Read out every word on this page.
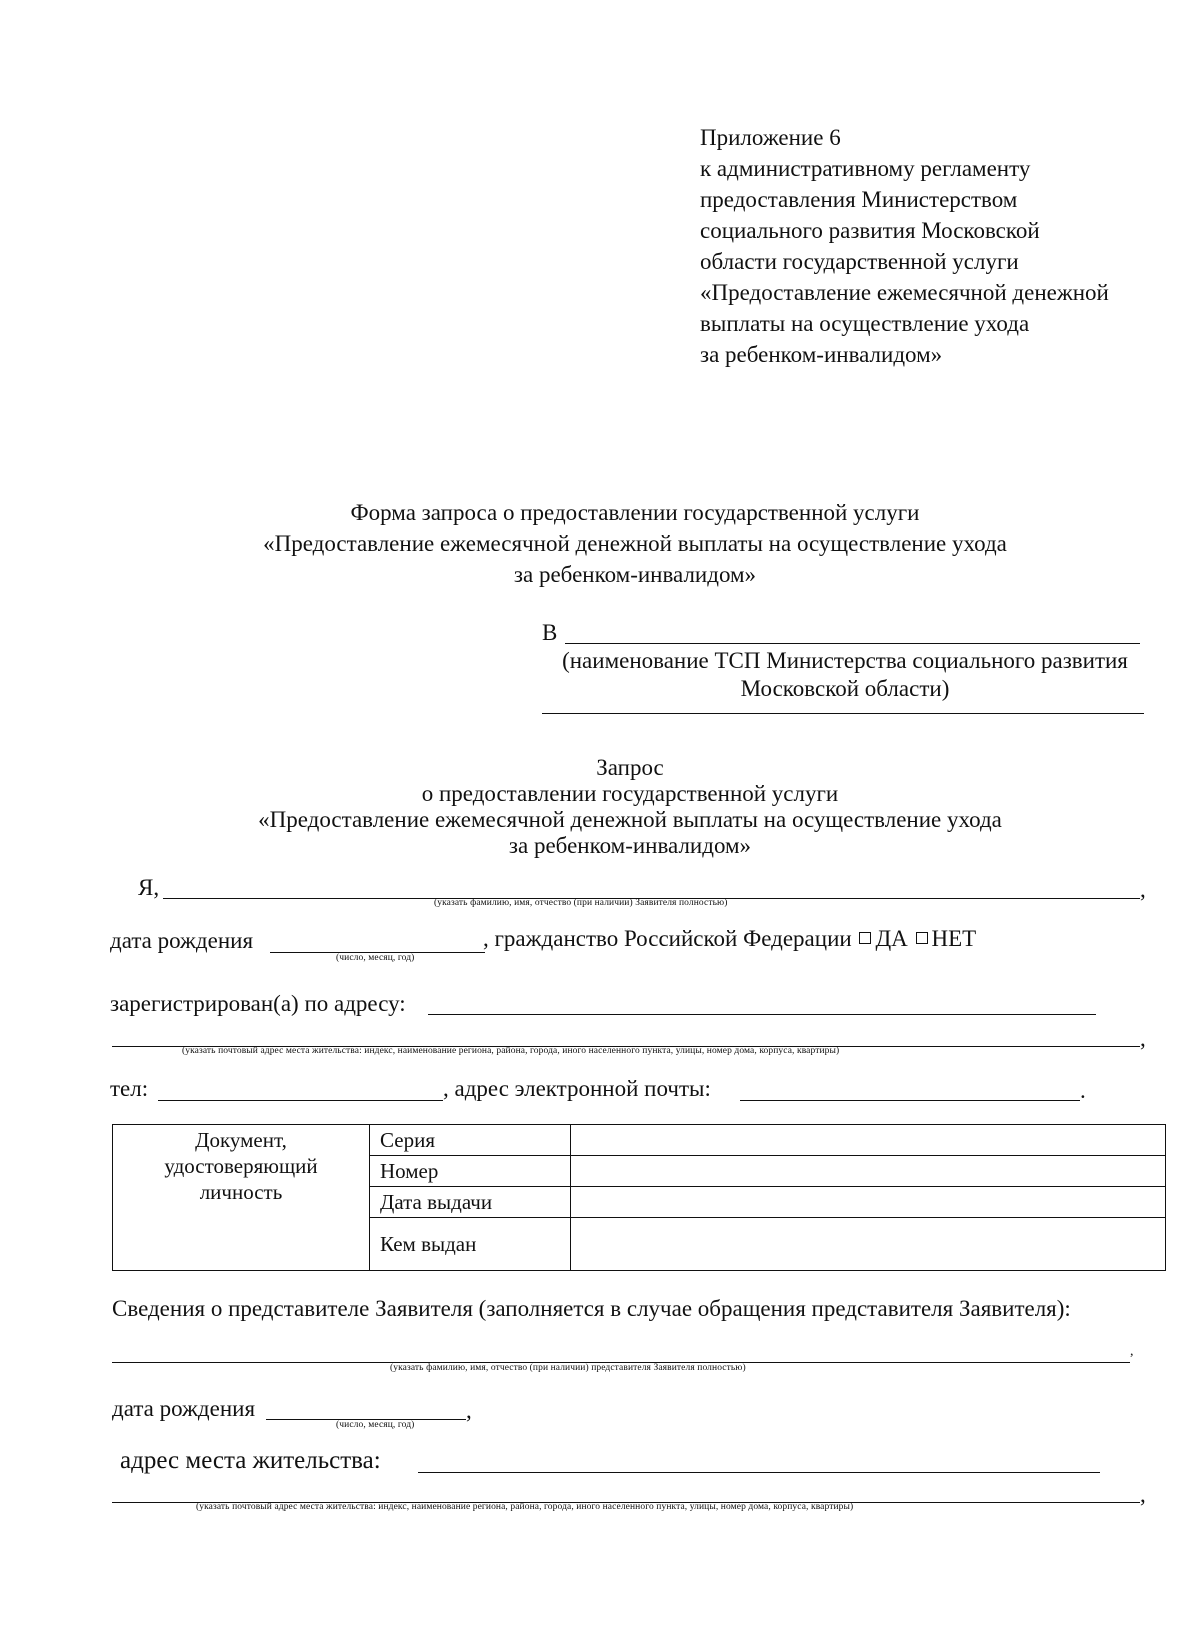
Приложение 6
к административному регламенту
предоставления Министерством
социального развития Московской
области государственной услуги
«Предоставление ежемесячной денежной
выплаты на осуществление ухода
за ребенком-инвалидом»
Форма запроса о предоставлении государственной услуги
«Предоставление ежемесячной денежной выплаты на осуществление ухода
за ребенком-инвалидом»
В
(наименование ТСП Министерства социального развития
Московской области)
Запрос
о предоставлении государственной услуги
«Предоставление ежемесячной денежной выплаты на осуществление ухода
за ребенком-инвалидом»
Я,	,
(указать фамилию, имя, отчество (при наличии) Заявителя полностью)
дата рождения
(число, месяц, год)
, гражданство Российской Федерации ДА НЕТ
зарегистрирован(а) по адресу:
,
(указать почтовый адрес места жительства: индекс, наименование региона, района, города, иного населенного пункта, улицы, номер дома, корпуса, квартиры)
тел:	, адрес электронной почты:	.
Документ,
удостоверяющий
личность	Серия	
	Номер	
	Дата выдачи	
	Кем выдан	
Сведения о представителе Заявителя (заполняется в случае обращения представителя Заявителя):
,
(указать фамилию, имя, отчество (при наличии) представителя Заявителя полностью)
дата рождения	,
(число, месяц, год)
адрес места жительства:
,
(указать почтовый адрес места жительства: индекс, наименование региона, района, города, иного населенного пункта, улицы, номер дома, корпуса, квартиры)
